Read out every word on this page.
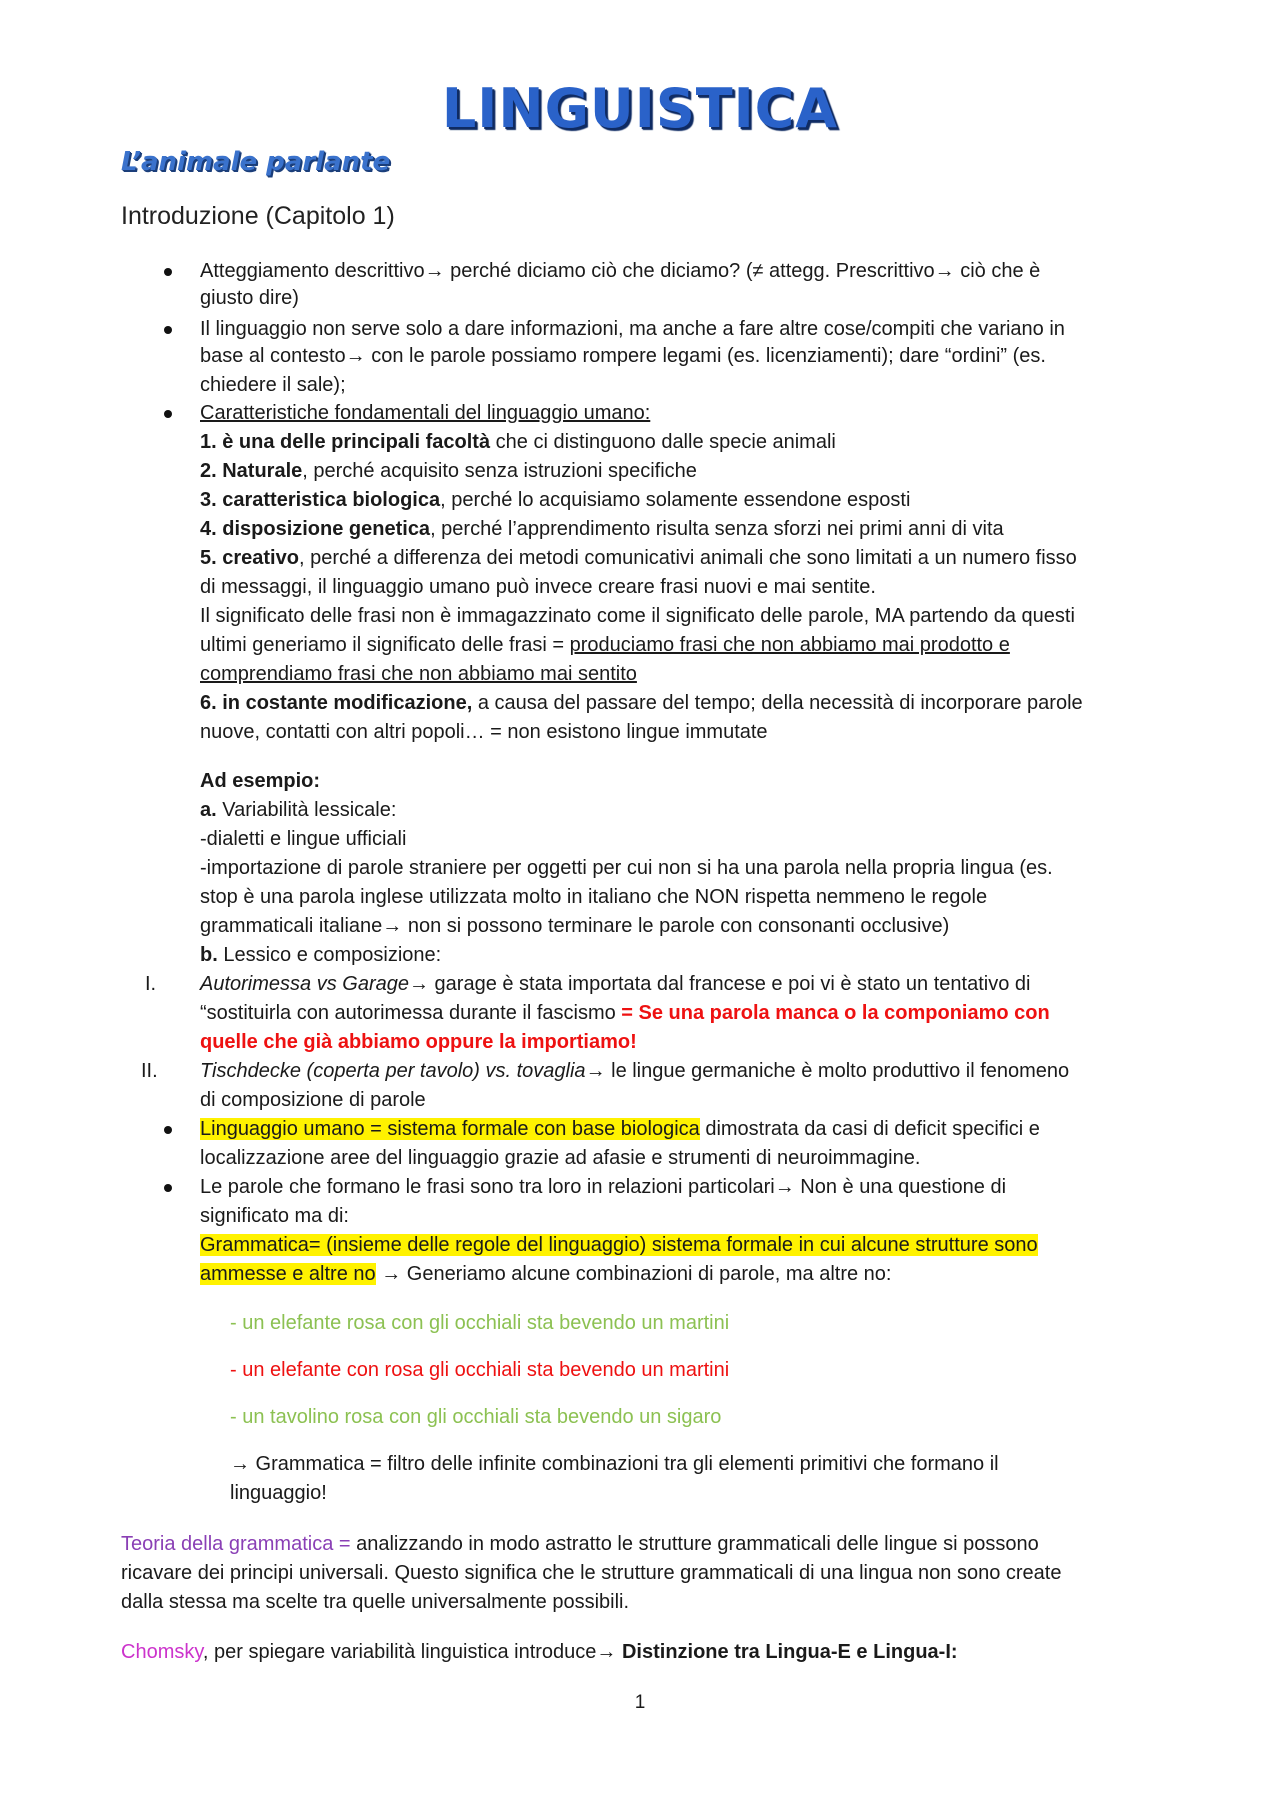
LINGUISTICA
L’animale parlante
Introduzione (Capitolo 1)
Atteggiamento descrittivo→ perché diciamo ciò che diciamo? (≠ attegg. Prescrittivo→ ciò che è
giusto dire)
Il linguaggio non serve solo a dare informazioni, ma anche a fare altre cose/compiti che variano in
base al contesto→ con le parole possiamo rompere legami (es. licenziamenti); dare “ordini” (es.
chiedere il sale);
Caratteristiche fondamentali del linguaggio umano:
1. è una delle principali facoltà che ci distinguono dalle specie animali
2. Naturale, perché acquisito senza istruzioni specifiche
3. caratteristica biologica, perché lo acquisiamo solamente essendone esposti
4. disposizione genetica, perché l’apprendimento risulta senza sforzi nei primi anni di vita
5. creativo, perché a differenza dei metodi comunicativi animali che sono limitati a un numero fisso
di messaggi, il linguaggio umano può invece creare frasi nuovi e mai sentite.
Il significato delle frasi non è immagazzinato come il significato delle parole, MA partendo da questi
ultimi generiamo il significato delle frasi = produciamo frasi che non abbiamo mai prodotto e
comprendiamo frasi che non abbiamo mai sentito
6. in costante modificazione, a causa del passare del tempo; della necessità di incorporare parole
nuove, contatti con altri popoli… = non esistono lingue immutate
Ad esempio:
a. Variabilità lessicale:
-dialetti e lingue ufficiali
-importazione di parole straniere per oggetti per cui non si ha una parola nella propria lingua (es.
stop è una parola inglese utilizzata molto in italiano che NON rispetta nemmeno le regole
grammaticali italiane→ non si possono terminare le parole con consonanti occlusive)
b. Lessico e composizione:
I. Autorimessa vs Garage→ garage è stata importata dal francese e poi vi è stato un tentativo di
“sostituirla con autorimessa durante il fascismo = Se una parola manca o la componiamo con
quelle che già abbiamo oppure la importiamo!
II. Tischdecke (coperta per tavolo) vs. tovaglia→ le lingue germaniche è molto produttivo il fenomeno
di composizione di parole
Linguaggio umano = sistema formale con base biologica dimostrata da casi di deficit specifici e
localizzazione aree del linguaggio grazie ad afasie e strumenti di neuroimmagine.
Le parole che formano le frasi sono tra loro in relazioni particolari→ Non è una questione di
significato ma di:
Grammatica= (insieme delle regole del linguaggio) sistema formale in cui alcune strutture sono
ammesse e altre no → Generiamo alcune combinazioni di parole, ma altre no:
- un elefante rosa con gli occhiali sta bevendo un martini
- un elefante con rosa gli occhiali sta bevendo un martini
- un tavolino rosa con gli occhiali sta bevendo un sigaro
→ Grammatica = filtro delle infinite combinazioni tra gli elementi primitivi che formano il
linguaggio!
Teoria della grammatica = analizzando in modo astratto le strutture grammaticali delle lingue si possono
ricavare dei principi universali. Questo significa che le strutture grammaticali di una lingua non sono create
dalla stessa ma scelte tra quelle universalmente possibili.
Chomsky, per spiegare variabilità linguistica introduce→ Distinzione tra Lingua-E e Lingua-I:
1
